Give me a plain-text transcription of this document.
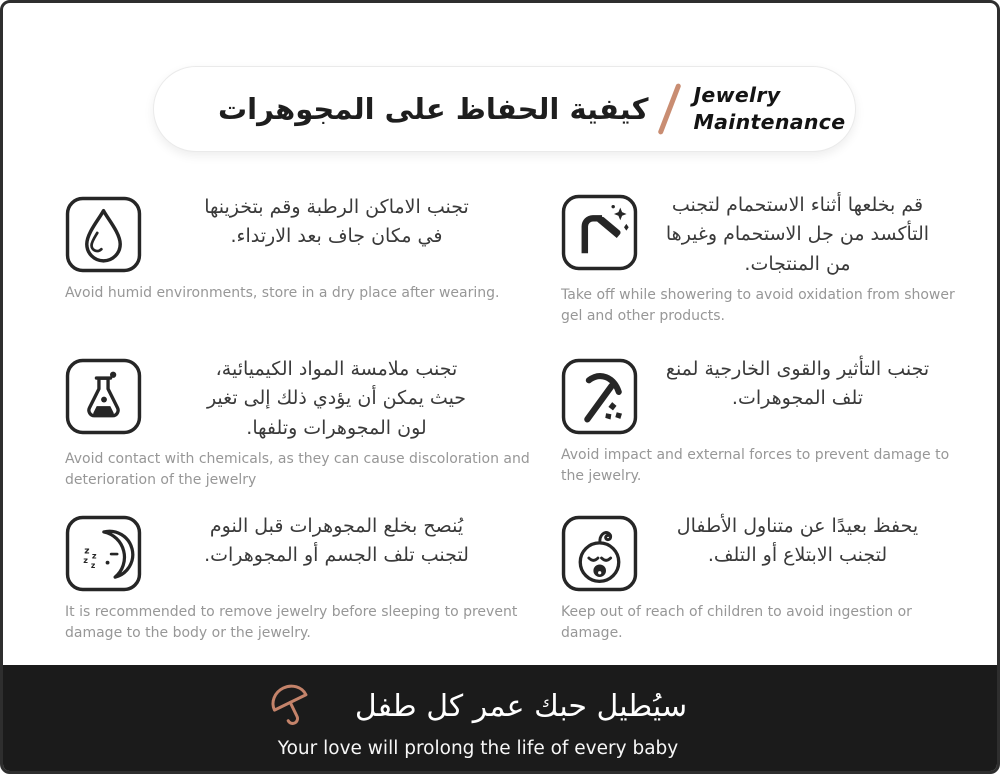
كيفية الحفاظ على المجوهرات Jewelry
Maintenance
تجنب الاماكن الرطبة وقم بتخزينها
في مكان جاف بعد الارتداء.

Avoid humid environments, store in a dry place after wearing.

قم بخلعها أثناء الاستحمام لتجنب
التأكسد من جل الاستحمام وغيرها
من المنتجات.

Take off while showering to avoid oxidation from shower gel and other products.

تجنب ملامسة المواد الكيميائية،
حيث يمكن أن يؤدي ذلك إلى تغير
لون المجوهرات وتلفها.

Avoid contact with chemicals, as they can cause discoloration and deterioration of the jewelry

تجنب التأثير والقوى الخارجية لمنع
تلف المجوهرات.

Avoid impact and external forces to prevent damage to the jewelry.

z z
z
z
يُنصح بخلع المجوهرات قبل النوم
لتجنب تلف الجسم أو المجوهرات.

It is recommended to remove jewelry before sleeping to prevent damage to the body or the jewelry.

يحفظ بعيدًا عن متناول الأطفال
لتجنب الابتلاع أو التلف.

Keep out of reach of children to avoid ingestion or damage.

سيُطيل حبك عمر كل طفل
Your love will prolong the life of every baby
